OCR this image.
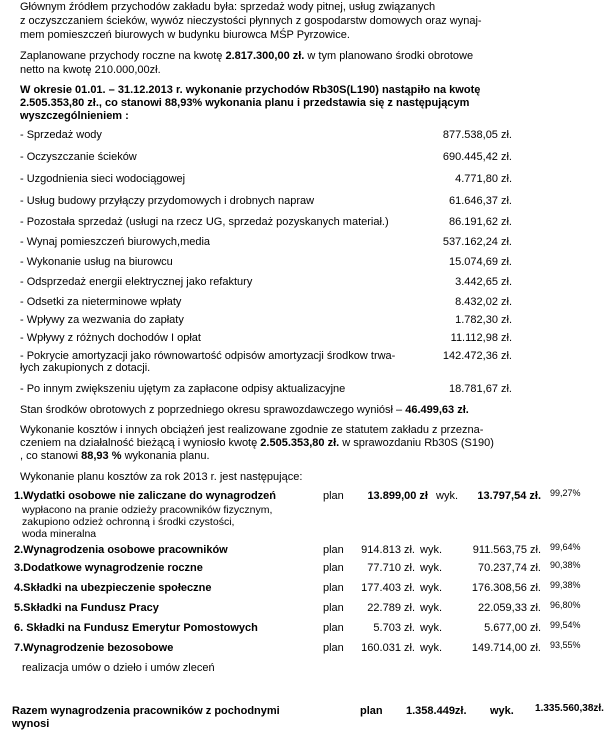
Głównym źródłem przychodów zakładu była: sprzedaż wody pitnej, usług związanych
z oczyszczaniem ścieków, wywóz nieczystości płynnych z gospodarstw domowych oraz wynaj-
mem pomieszczeń biurowych w budynku biurowca MŚP Pyrzowice.
Zaplanowane przychody roczne na kwotę 2.817.300,00 zł. w tym planowano środki obrotowe
netto na kwotę 210.000,00zł.
W okresie 01.01. – 31.12.2013 r. wykonanie przychodów Rb30S(L190) nastąpiło na kwotę
2.505.353,80 zł., co stanowi 88,93% wykonania planu i przedstawia się z następującym
wyszczególnieniem :
- Sprzedaż wody	877.538,05 zł.
- Oczyszczanie ścieków	690.445,42 zł.
- Uzgodnienia sieci wodociągowej	4.771,80 zł.
- Usług budowy przyłączy przydomowych i drobnych napraw	61.646,37 zł.
- Pozostała sprzedaż (usługi na rzecz UG, sprzedaż pozyskanych materiał.)	86.191,62 zł.
- Wynaj pomieszczeń biurowych,media	537.162,24 zł.
- Wykonanie usług na biurowcu	15.074,69 zł.
- Odsprzedaż energii elektrycznej jako refaktury	3.442,65 zł.
- Odsetki za nieterminowe wpłaty	8.432,02 zł.
- Wpływy za wezwania do zapłaty	1.782,30 zł.
- Wpływy z różnych dochodów I opłat	11.112,98 zł.
- Pokrycie amortyzacji jako równowartość odpisów amortyzacji środkow trwa-
łych zakupionych z dotacji.
142.472,36 zł.
- Po innym zwiększeniu ujętym za zapłacone odpisy aktualizacyjne	18.781,67 zł.
Stan środków obrotowych z poprzedniego okresu sprawozdawczego wyniósł – 46.499,63 zł.
Wykonanie kosztów i innych obciążeń jest realizowane zgodnie ze statutem zakładu z przezna-
czeniem na działalność bieżącą i wyniosło kwotę 2.505.353,80 zł. w sprawozdaniu Rb30S (S190)
, co stanowi 88,93 % wykonania planu.
Wykonanie planu kosztów za rok 2013 r. jest następujące:
1.Wydatki osobowe nie zaliczane do wynagrodzeń	plan 13.899,00 zł wyk. 13.797,54 zł. 99,27%
2.Wynagrodzenia osobowe pracowników	plan 914.813 zł. wyk.	911.563,75 zł. 99,64%
3.Dodatkowe wynagrodzenie roczne	plan 77.710 zł. wyk.	70.237,74 zł. 90,38%
4.Składki na ubezpieczenie społeczne	plan 177.403 zł. wyk.	176.308,56 zł. 99,38%
5.Składki na Fundusz Pracy	plan 22.789 zł. wyk.	22.059,33 zł. 96,80%
6. Składki na Fundusz Emerytur Pomostowych	plan	5.703 zł. wyk.	5.677,00 zł. 99,54%
7.Wynagrodzenie bezosobowe	plan 160.031 zł. wyk.	149.714,00 zł. 93,55%
wypłacono na pranie odzieży pracowników fizycznym,
zakupiono odzież ochronną i środki czystości,
woda mineralna
realizacja umów o dzieło i umów zleceń
Razem wynagrodzenia pracowników z pochodnymi
wynosi
plan 1.358.449zł. wyk. 1.335.560,38zł.
